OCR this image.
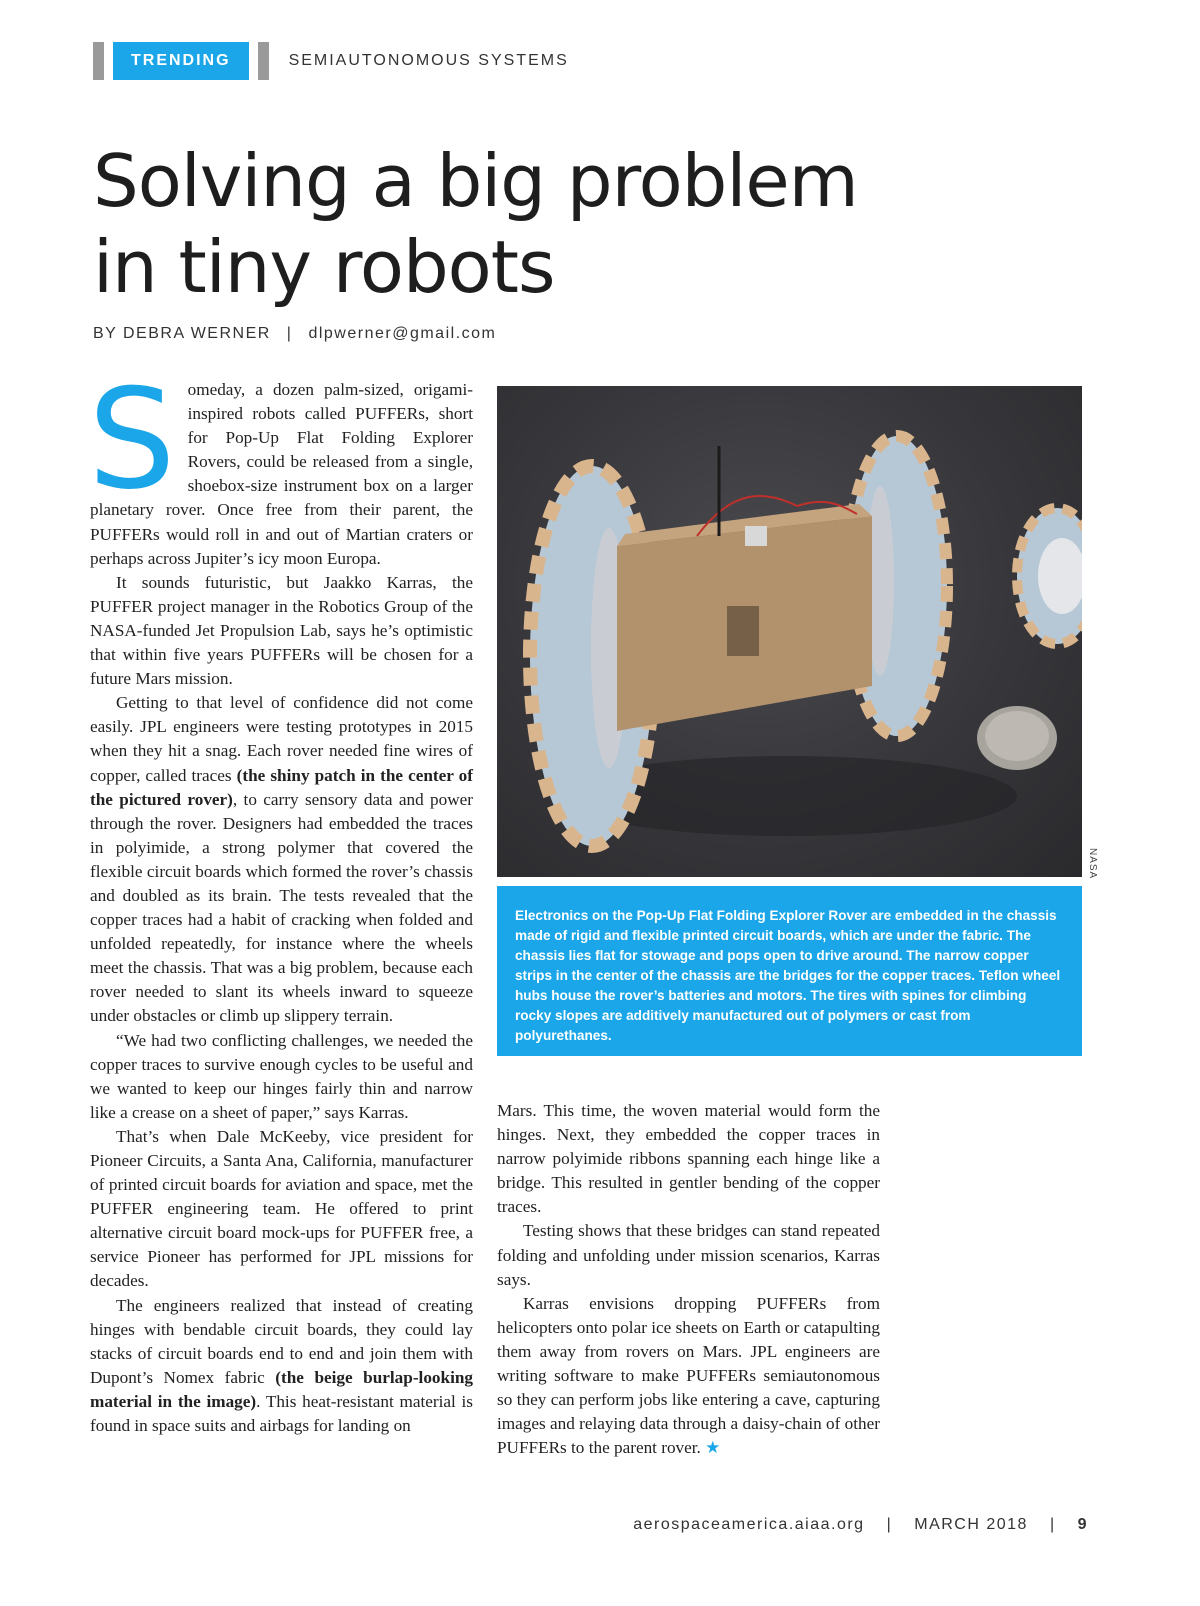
TRENDING	SEMIAUTONOMOUS SYSTEMS
Solving a big problem
in tiny robots
BY DEBRA WERNER | dlpwerner@gmail.com

Someday, a dozen palm-sized, origami-inspired robots called PUFFERs, short for Pop-Up Flat Folding Explorer Rovers, could be released from a single, shoebox-size instrument box on a larger planetary rover. Once free from their parent, the PUFFERs would roll in and out of Martian craters or perhaps across Jupiter’s icy moon Europa.

It sounds futuristic, but Jaakko Karras, the PUFFER project manager in the Robotics Group of the NASA-funded Jet Propulsion Lab, says he’s optimistic that within five years PUFFERs will be chosen for a future Mars mission.

Getting to that level of confidence did not come easily. JPL engineers were testing prototypes in 2015 when they hit a snag. Each rover needed fine wires of copper, called traces (the shiny patch in the center of the pictured rover), to carry sensory data and power through the rover. Designers had embedded the traces in polyimide, a strong polymer that covered the flexible circuit boards which formed the rover’s chassis and doubled as its brain. The tests revealed that the copper traces had a habit of cracking when folded and unfolded repeatedly, for instance where the wheels meet the chassis. That was a big problem, because each rover needed to slant its wheels inward to squeeze under obstacles or climb up slippery terrain.

“We had two conflicting challenges, we needed the copper traces to survive enough cycles to be useful and we wanted to keep our hinges fairly thin and narrow like a crease on a sheet of paper,” says Karras.

That’s when Dale McKeeby, vice president for Pioneer Circuits, a Santa Ana, California, manufacturer of printed circuit boards for aviation and space, met the PUFFER engineering team. He offered to print alternative circuit board mock-ups for PUFFER free, a service Pioneer has performed for JPL missions for decades.

The engineers realized that instead of creating hinges with bendable circuit boards, they could lay stacks of circuit boards end to end and join them with Dupont’s Nomex fabric (the beige burlap-looking material in the image). This heat-resistant material is found in space suits and airbags for landing on

NASA
Electronics on the Pop-Up Flat Folding Explorer Rover are embedded in the chassis made of rigid and flexible printed circuit boards, which are under the fabric. The chassis lies flat for stowage and pops open to drive around. The narrow copper strips in the center of the chassis are the bridges for the copper traces. Teflon wheel hubs house the rover’s batteries and motors. The tires with spines for climbing rocky slopes are additively manufactured out of polymers or cast from polyurethanes.

Mars. This time, the woven material would form the hinges. Next, they embedded the copper traces in narrow polyimide ribbons spanning each hinge like a bridge. This resulted in gentler bending of the copper traces.

Testing shows that these bridges can stand repeated folding and unfolding under mission scenarios, Karras says.

Karras envisions dropping PUFFERs from helicopters onto polar ice sheets on Earth or catapulting them away from rovers on Mars. JPL engineers are writing software to make PUFFERs semiautonomous so they can perform jobs like entering a cave, capturing images and relaying data through a daisy-chain of other PUFFERs to the parent rover. ★

aerospaceamerica.aiaa.org | MARCH 2018 | 9
